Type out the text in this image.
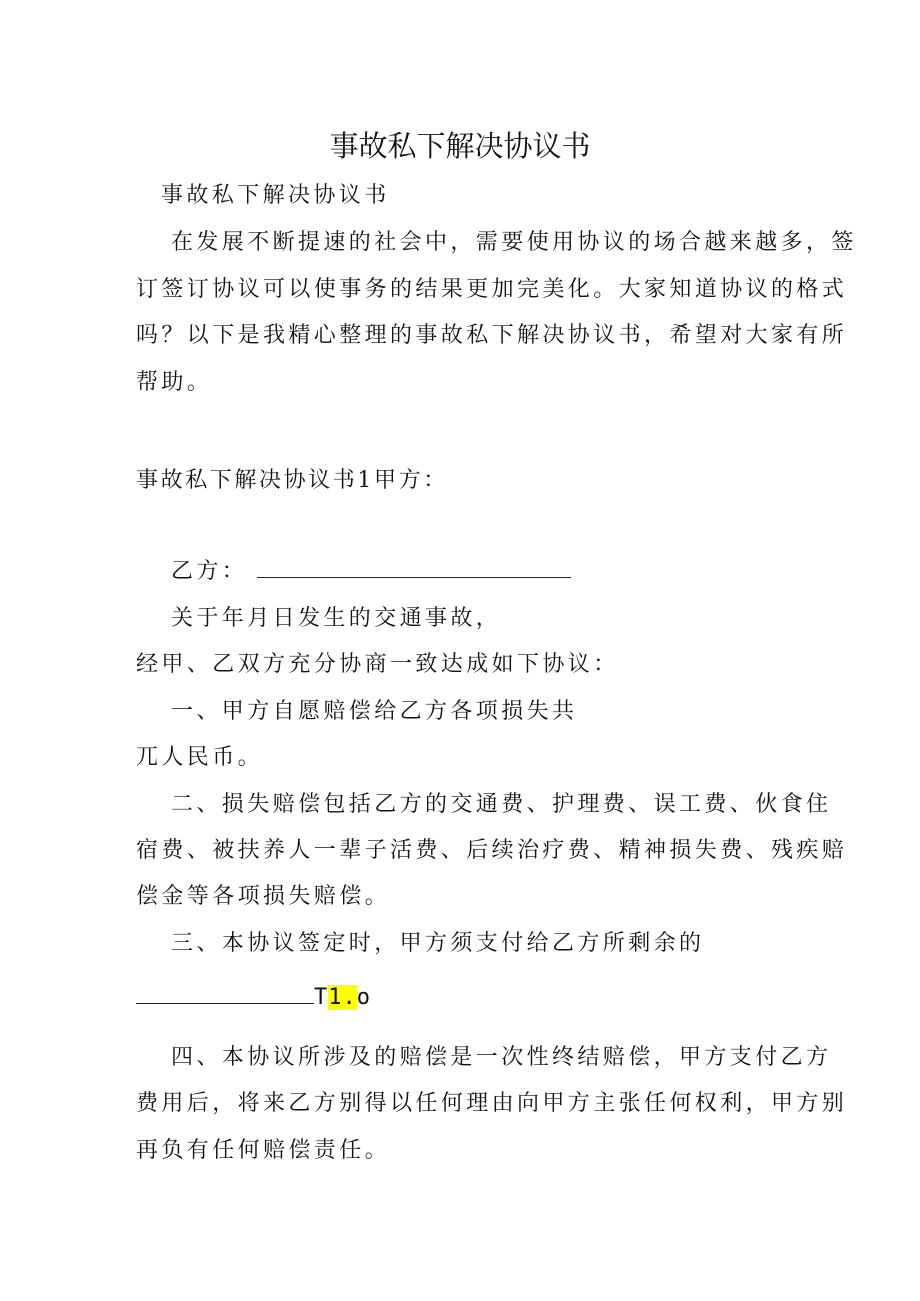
事故私下解决协议书
事故私下解决协议书
在发展不断提速的社会中，需要使用协议的场合越来越多，签
订签订协议可以使事务的结果更加完美化。大家知道协议的格式
吗？以下是我精心整理的事故私下解决协议书，希望对大家有所
帮助。
事故私下解决协议书1甲方：
乙方：
关于年月日发生的交通事故，
经甲、乙双方充分协商一致达成如下协议：
一、甲方自愿赔偿给乙方各项损失共
兀人民币。
二、损失赔偿包括乙方的交通费、护理费、误工费、伙食住
宿费、被扶养人一辈子活费、后续治疗费、精神损失费、残疾赔
偿金等各项损失赔偿。
三、本协议签定时，甲方须支付给乙方所剩余的
T1.o
四、本协议所涉及的赔偿是一次性终结赔偿，甲方支付乙方
费用后，将来乙方别得以任何理由向甲方主张任何权利，甲方别
再负有任何赔偿责任。
